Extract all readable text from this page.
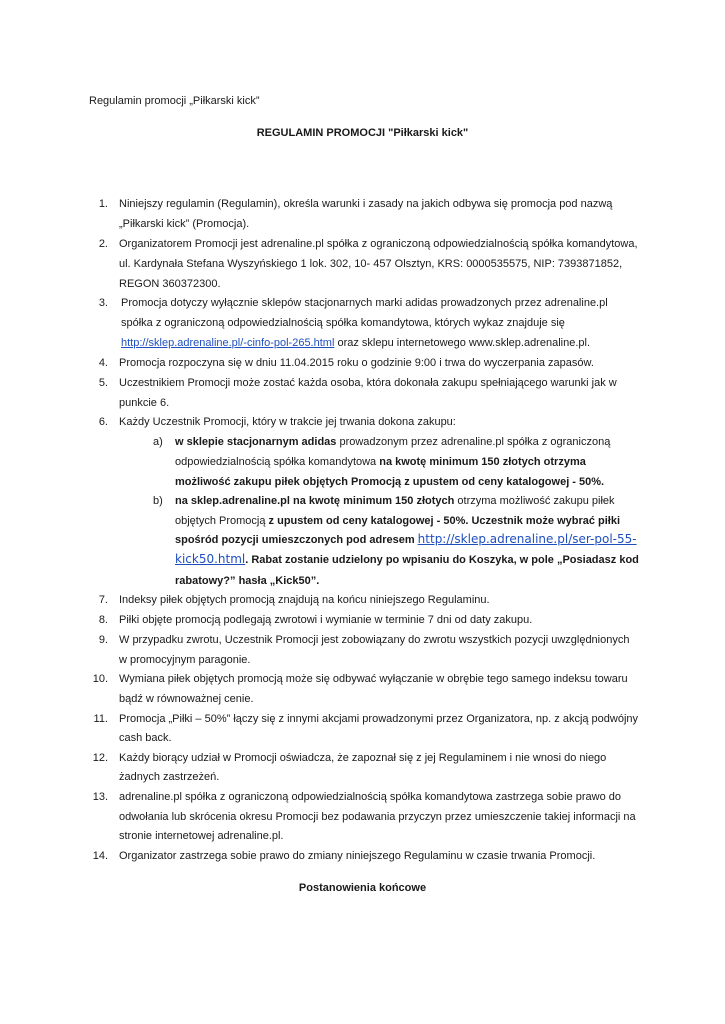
Regulamin promocji „Piłkarski kick”
REGULAMIN PROMOCJI "Piłkarski kick"
1. Niniejszy regulamin (Regulamin), określa warunki i zasady na jakich odbywa się promocja pod nazwą
„Piłkarski kick” (Promocja).
2. Organizatorem Promocji jest adrenaline.pl spółka z ograniczoną odpowiedzialnością spółka komandytowa,
ul. Kardynała Stefana Wyszyńskiego 1 lok. 302, 10- 457 Olsztyn, KRS: 0000535575, NIP: 7393871852,
REGON 360372300.
3. Promocja dotyczy wyłącznie sklepów stacjonarnych marki adidas prowadzonych przez adrenaline.pl
spółka z ograniczoną odpowiedzialnością spółka komandytowa, których wykaz znajduje się
http://sklep.adrenaline.pl/-cinfo-pol-265.html oraz sklepu internetowego www.sklep.adrenaline.pl.
4. Promocja rozpoczyna się w dniu 11.04.2015 roku o godzinie 9:00 i trwa do wyczerpania zapasów.
5. Uczestnikiem Promocji może zostać każda osoba, która dokonała zakupu spełniającego warunki jak w
punkcie 6.
6. Każdy Uczestnik Promocji, który w trakcie jej trwania dokona zakupu:
a) w sklepie stacjonarnym adidas prowadzonym przez adrenaline.pl spółka z ograniczoną
odpowiedzialnością spółka komandytowa na kwotę minimum 150 złotych otrzyma
możliwość zakupu piłek objętych Promocją z upustem od ceny katalogowej - 50%.
b) na sklep.adrenaline.pl na kwotę minimum 150 złotych otrzyma możliwość zakupu piłek
objętych Promocją z upustem od ceny katalogowej - 50%. Uczestnik może wybrać piłki
spośród pozycji umieszczonych pod adresem http://sklep.adrenaline.pl/ser-pol-55-
kick50.html. Rabat zostanie udzielony po wpisaniu do Koszyka, w pole „Posiadasz kod
rabatowy?” hasła „Kick50”.
7. Indeksy piłek objętych promocją znajdują na końcu niniejszego Regulaminu.
8. Piłki objęte promocją podlegają zwrotowi i wymianie w terminie 7 dni od daty zakupu.
9. W przypadku zwrotu, Uczestnik Promocji jest zobowiązany do zwrotu wszystkich pozycji uwzględnionych
w promocyjnym paragonie.
10. Wymiana piłek objętych promocją może się odbywać wyłączanie w obrębie tego samego indeksu towaru
bądź w równoważnej cenie.
11. Promocja „Piłki – 50%” łączy się z innymi akcjami prowadzonymi przez Organizatora, np. z akcją podwójny
cash back.
12. Każdy biorący udział w Promocji oświadcza, że zapoznał się z jej Regulaminem i nie wnosi do niego
żadnych zastrzeżeń.
13. adrenaline.pl spółka z ograniczoną odpowiedzialnością spółka komandytowa zastrzega sobie prawo do
odwołania lub skrócenia okresu Promocji bez podawania przyczyn przez umieszczenie takiej informacji na
stronie internetowej adrenaline.pl.
14. Organizator zastrzega sobie prawo do zmiany niniejszego Regulaminu w czasie trwania Promocji.
Postanowienia końcowe
